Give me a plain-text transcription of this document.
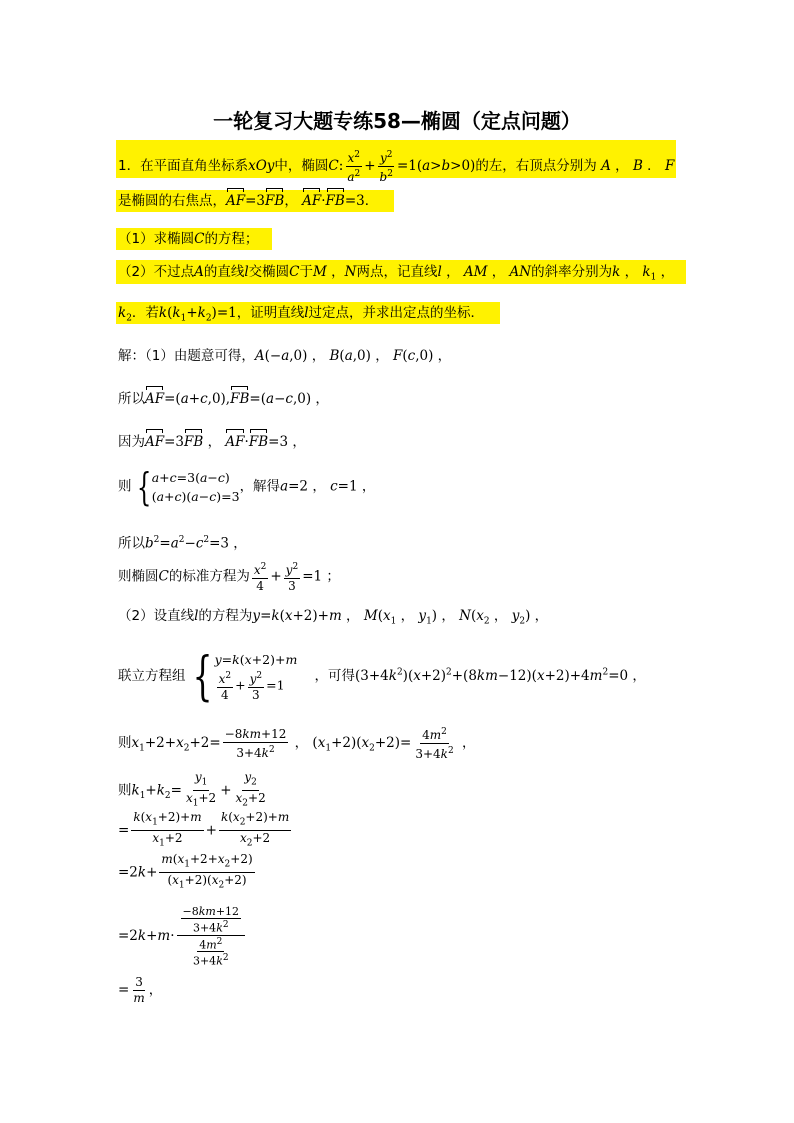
一轮复习大题专练58—椭圆（定点问题）
1．在平面直角坐标系xOy中，椭圆C: $\frac{x^2}{a^2} + \frac{y^2}{b^2} =1(a>b>0)$的左，右顶点分别为 A ， B ． F
是椭圆的右焦点，AF=3FB， AF·FB=3．
（1）求椭圆C的方程；
（2）不过点A的直线l交椭圆C于M ，N两点，记直线l ， AM ， AN的斜率分别为k ， $k_1$ ，
$k_2$．若$k(k_1+k_2)=1$，证明直线l过定点，并求出定点的坐标．
解：（1）由题意可得，A(−a,0) ， B(a,0) ， F(c,0) ，
所以AF=(a+c,0),FB=(a−c,0) ，
因为AF=3FB ， AF·FB=3 ，
则 { a+c=3(a−c)
(a+c)(a−c)=3
，解得a=2 ， c=1 ，
所以$b^2=a^2-c^2=3$ ，
则椭圆C的标准方程为 $\frac{x^2}{4} + \frac{y^2}{3} =1$ ；
（2）设直线l的方程为y=k(x+2)+m ， $M(x_1$ ， $y_1$) ， $N(x_2$ ， $y_2$) ，
联立方程组 { y=k(x+2)+m
$\frac{x^2}{4} + \frac{y^2}{3} =1$
，可得$(3+4k^2)(x+2)^2+(8km-12)(x+2)+4m^2=0$ ，
则$x_1+2+x_2+2= \frac{-8km+12}{3+4k^2}$ ， $(x_1+2)(x_2+2)= \frac{4m^2}{3+4k^2}$ ，
则$k_1+k_2= \frac{y_1}{x_1+2} + \frac{y_2}{x_2+2}$
= $\frac{k(x_1+2)+m}{x_1+2} + \frac{k(x_2+2)+m}{x_2+2}$
$=2k+ \frac{m(x_1+2+x_2+2)}{(x_1+2)(x_2+2)}$
$=2k+m\cdot \frac{\frac{-8km+12}{3+4k^2}}{\frac{4m^2}{3+4k^2}}$
= $\frac{3}{m}$ ，
